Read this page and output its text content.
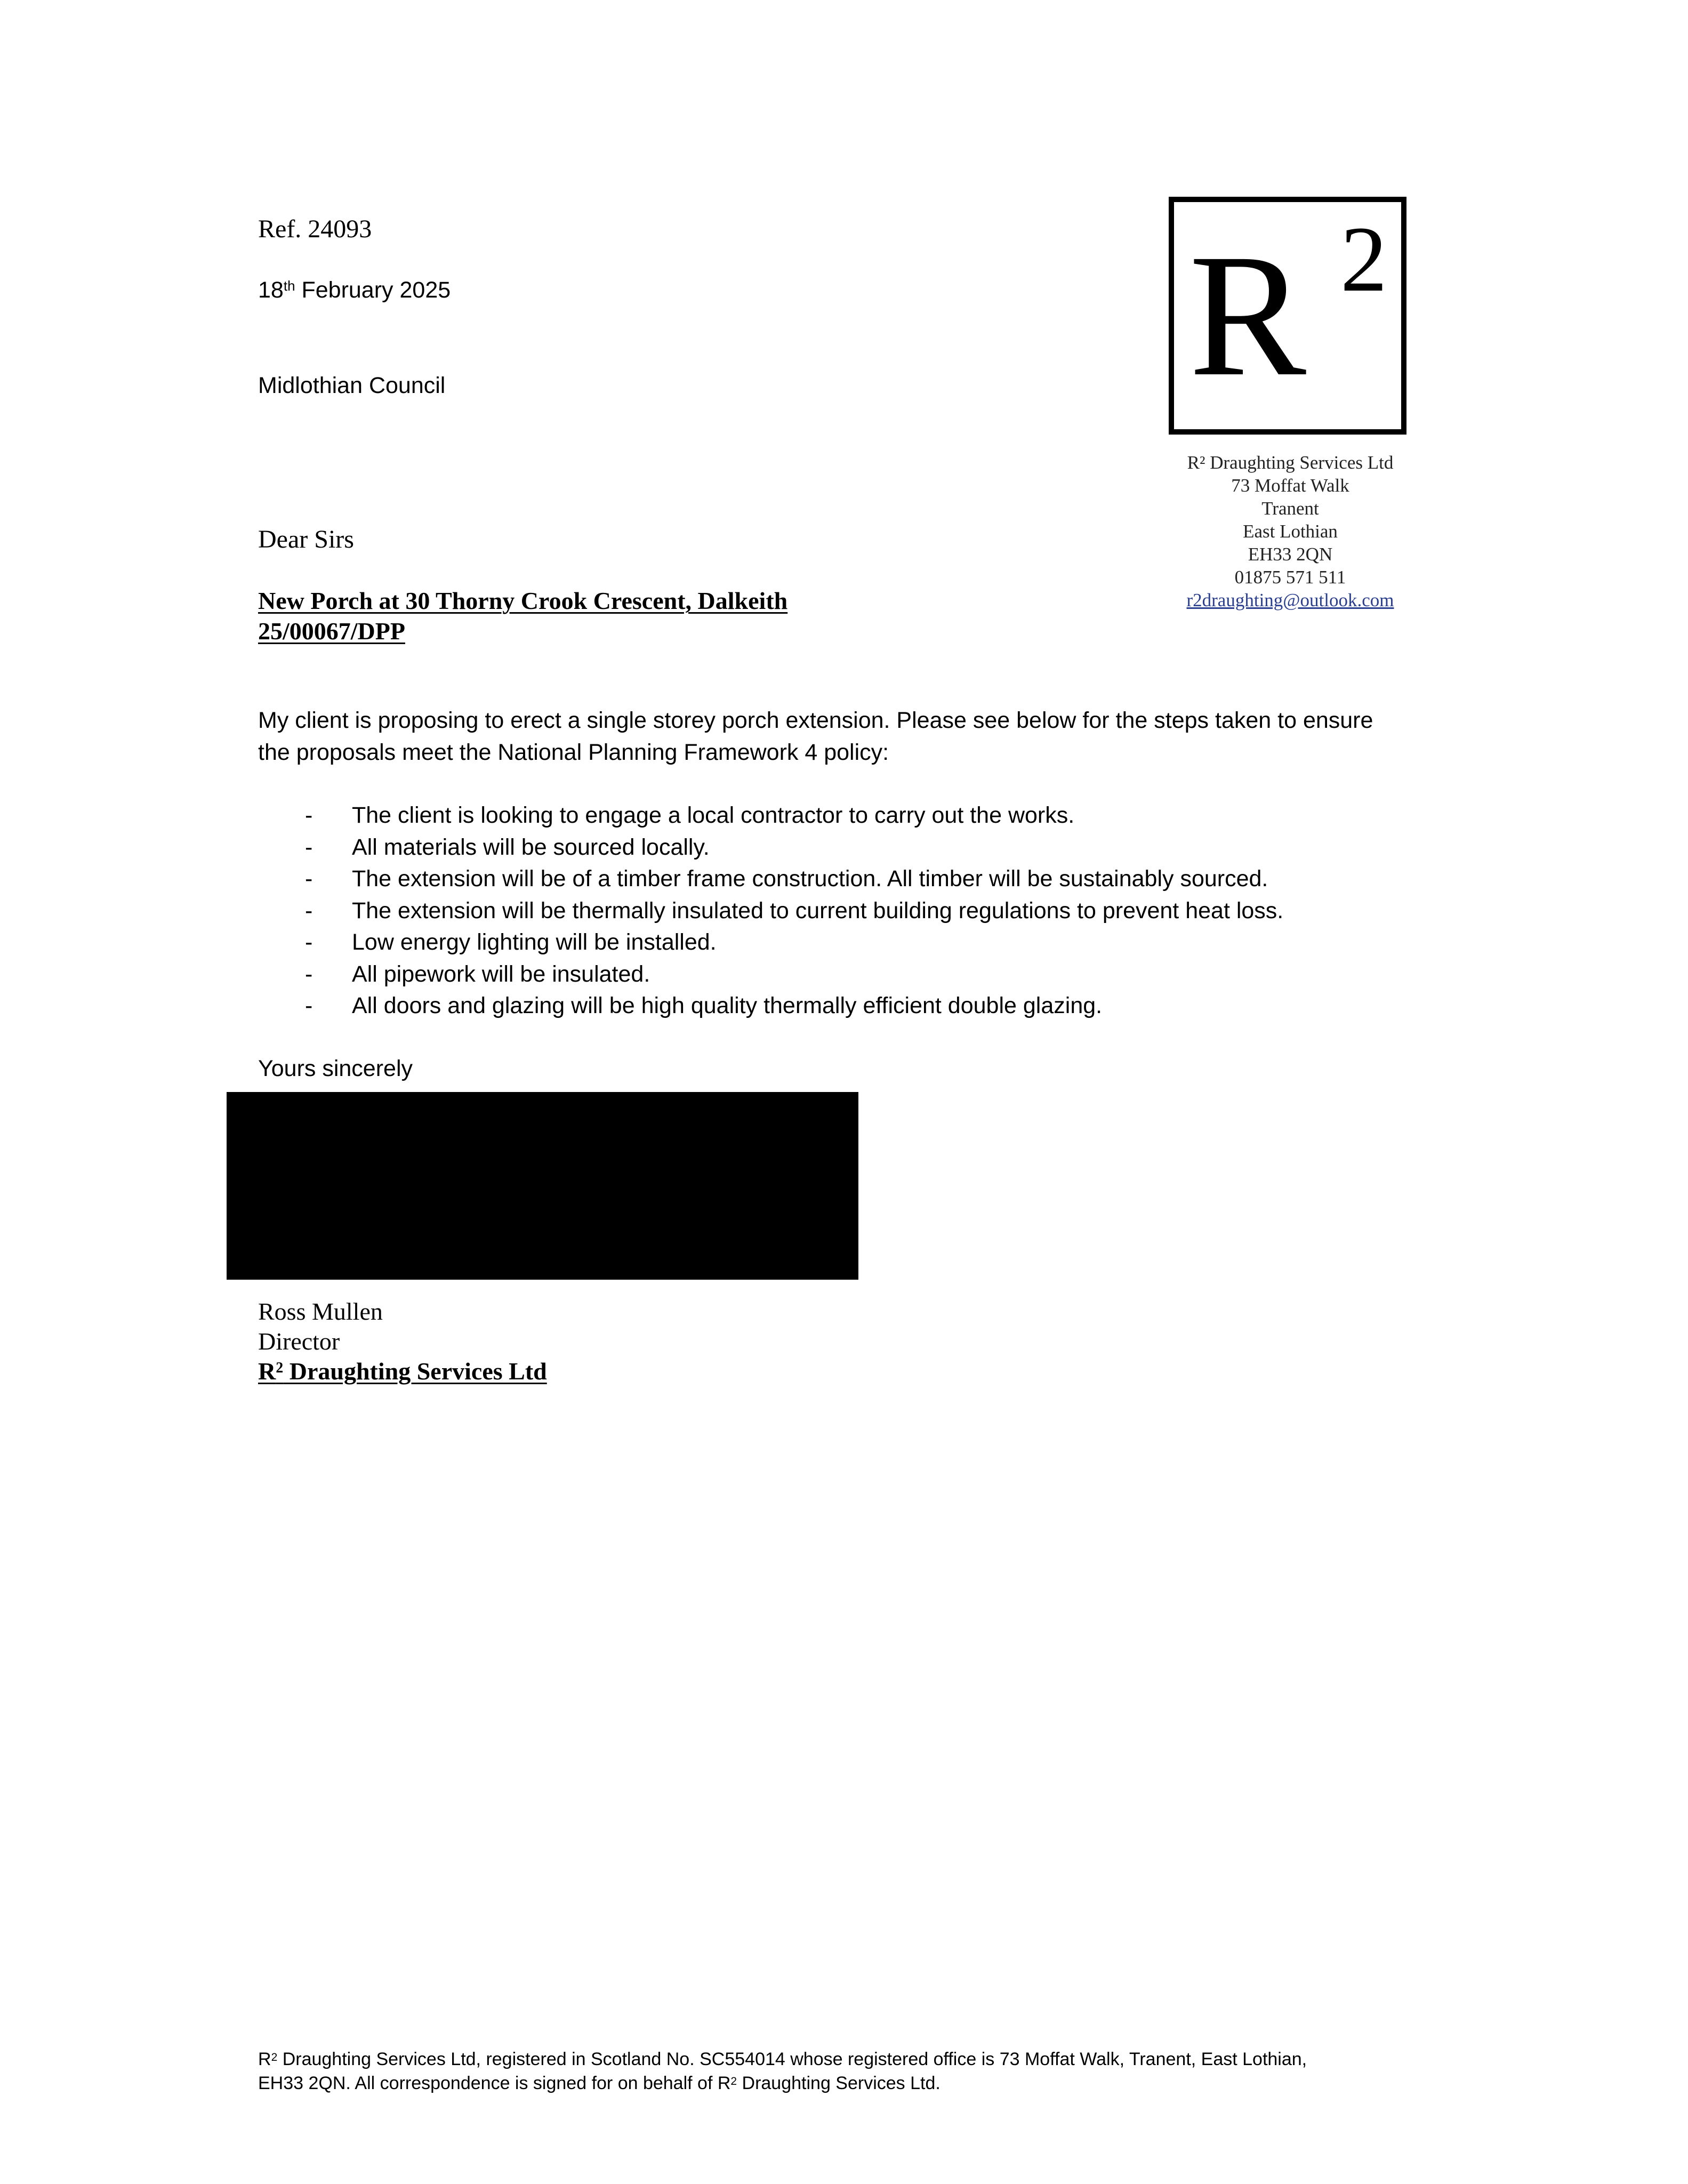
Ref. 24093
18th February 2025
Midlothian Council	R 2
R² Draughting Services Ltd
73 Moffat Walk
Tranent
East Lothian
EH33 2QN
01875 571 511
r2draughting@outlook.com
Dear Sirs
New Porch at 30 Thorny Crook Crescent, Dalkeith
25/00067/DPP
My client is proposing to erect a single storey porch extension. Please see below for the steps taken to ensure
the proposals meet the National Planning Framework 4 policy:
- The client is looking to engage a local contractor to carry out the works.
- All materials will be sourced locally.
- The extension will be of a timber frame construction. All timber will be sustainably sourced.
- The extension will be thermally insulated to current building regulations to prevent heat loss.
- Low energy lighting will be installed.
- All pipework will be insulated.
- All doors and glazing will be high quality thermally efficient double glazing.
Yours sincerely
Ross Mullen
Director
$R^2$ Draughting Services Ltd
$R^2$ Draughting Services Ltd, registered in Scotland No. SC554014 whose registered office is 73 Moffat Walk, Tranent, East Lothian,
EH33 2QN. All correspondence is signed for on behalf of $R^2$ Draughting Services Ltd.
